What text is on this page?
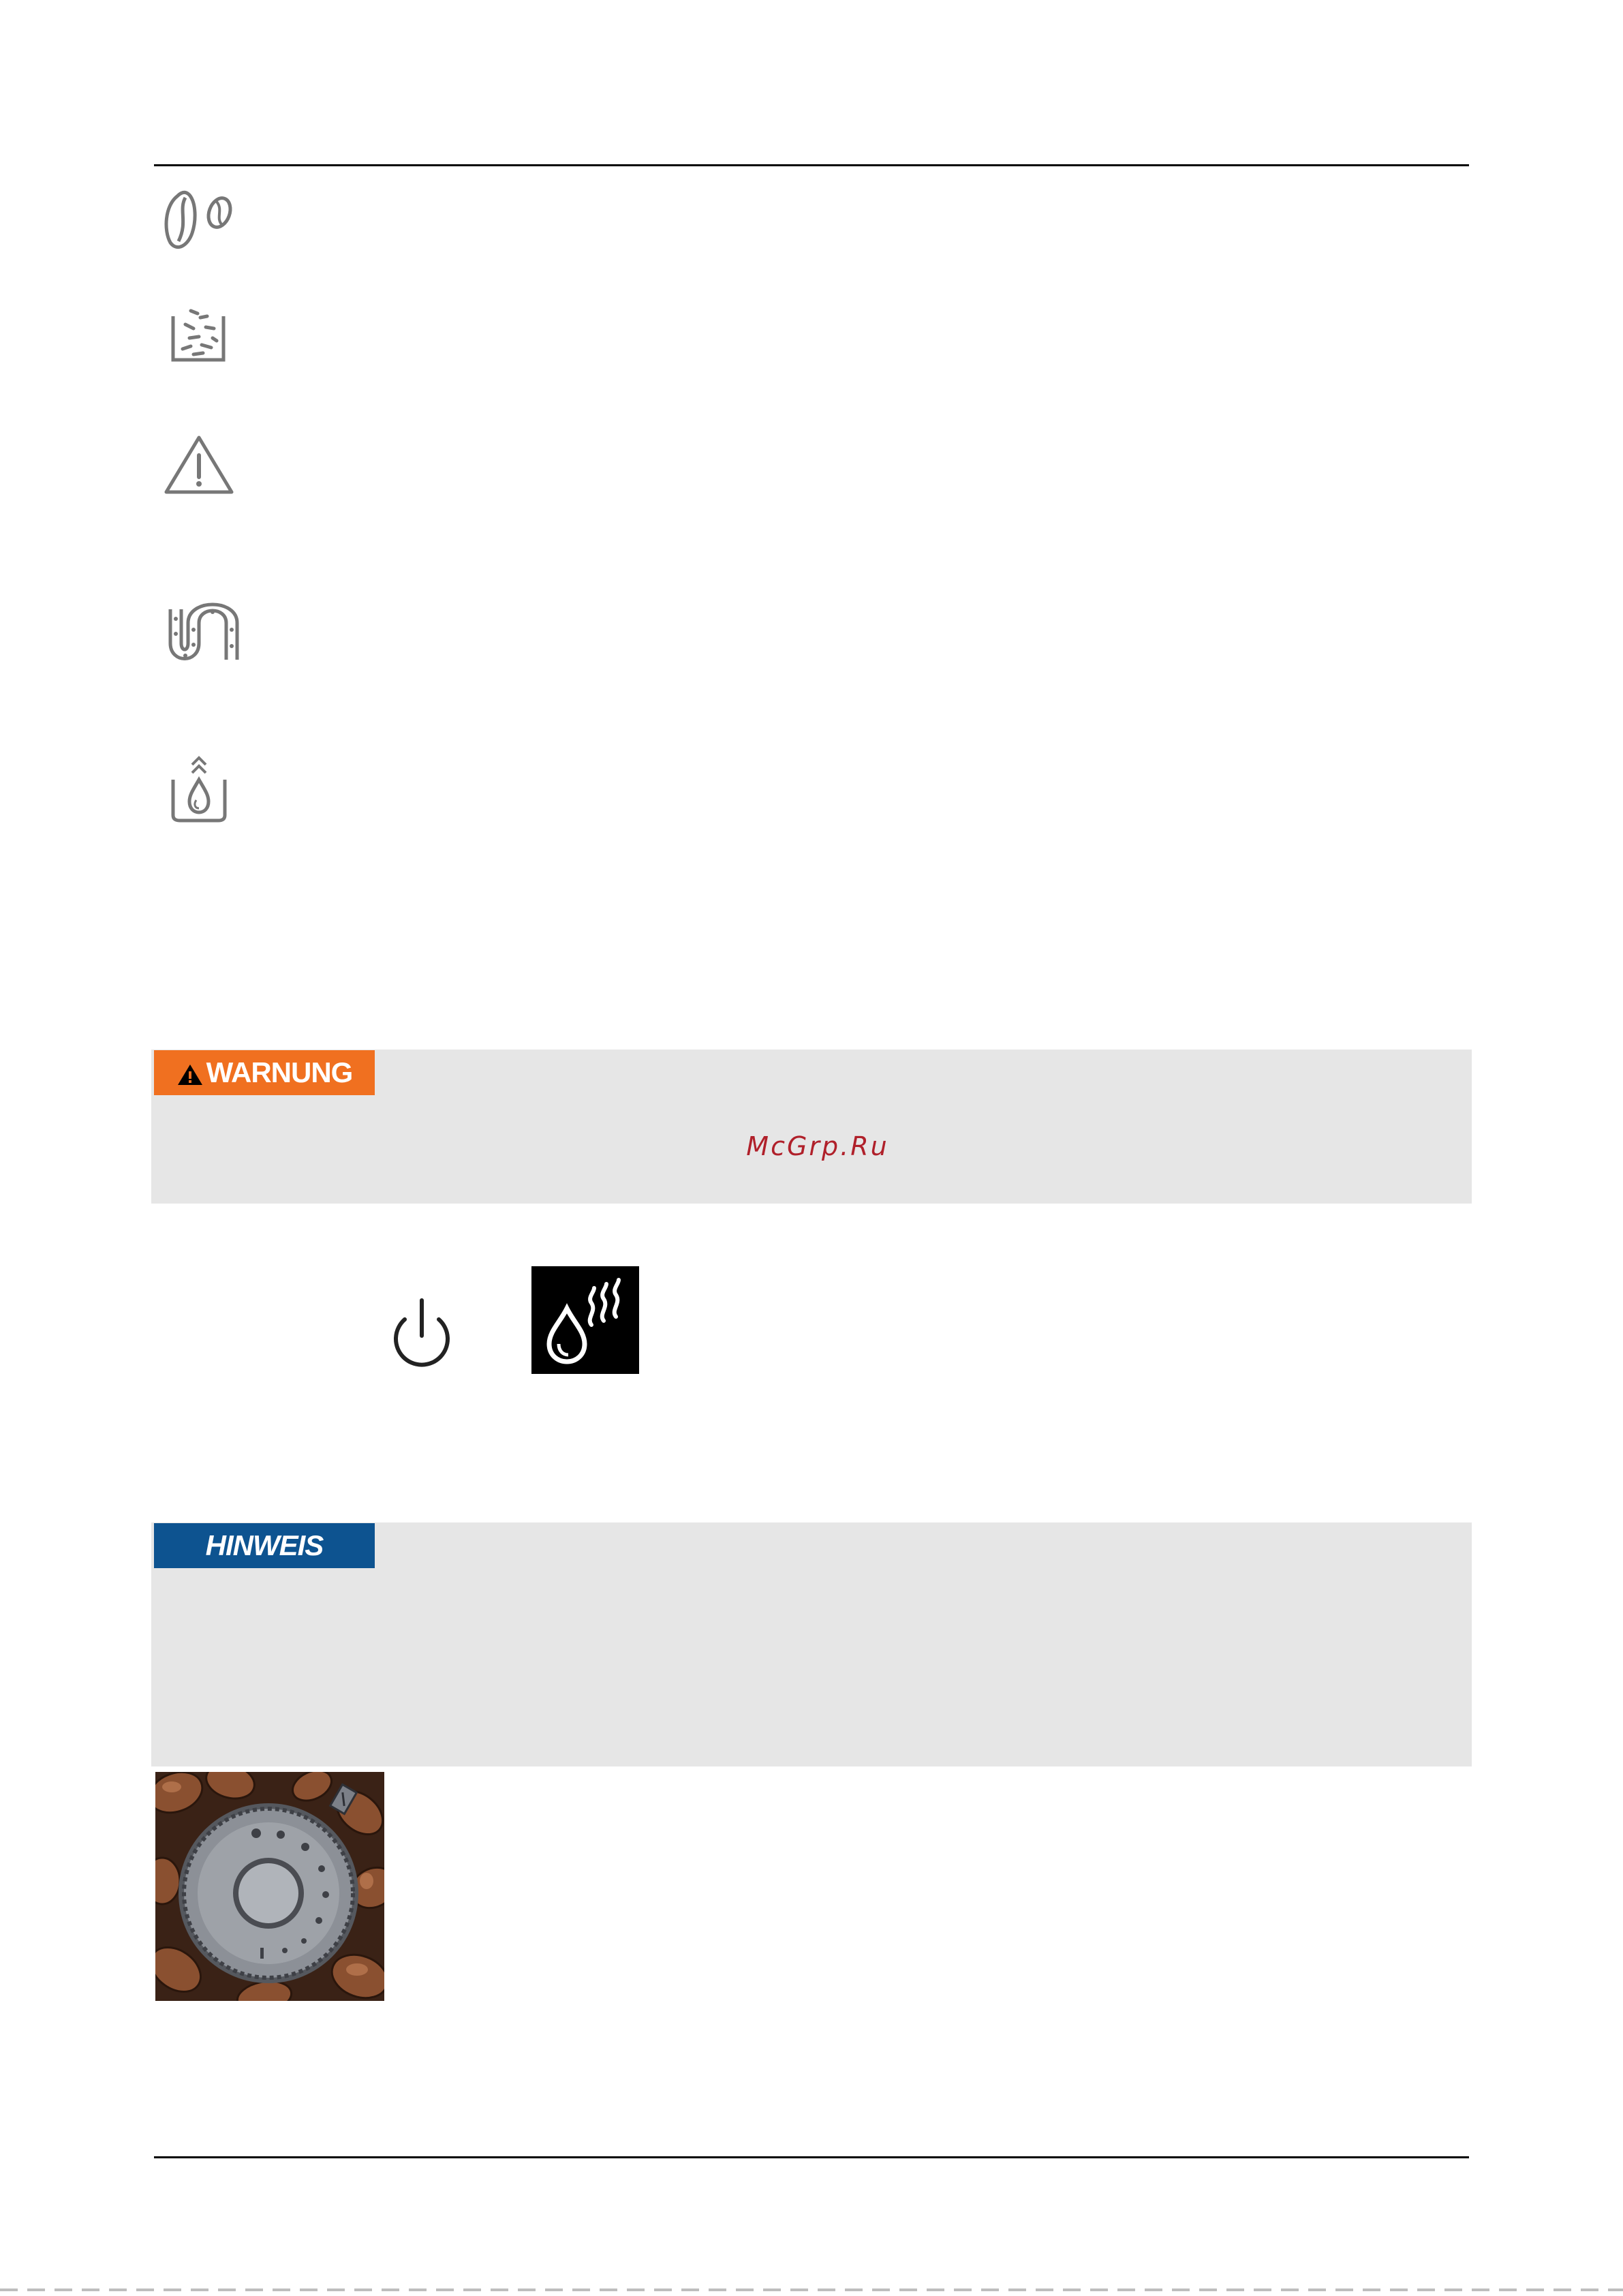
WARNUNG
McGrp.Ru
HINWEIS
